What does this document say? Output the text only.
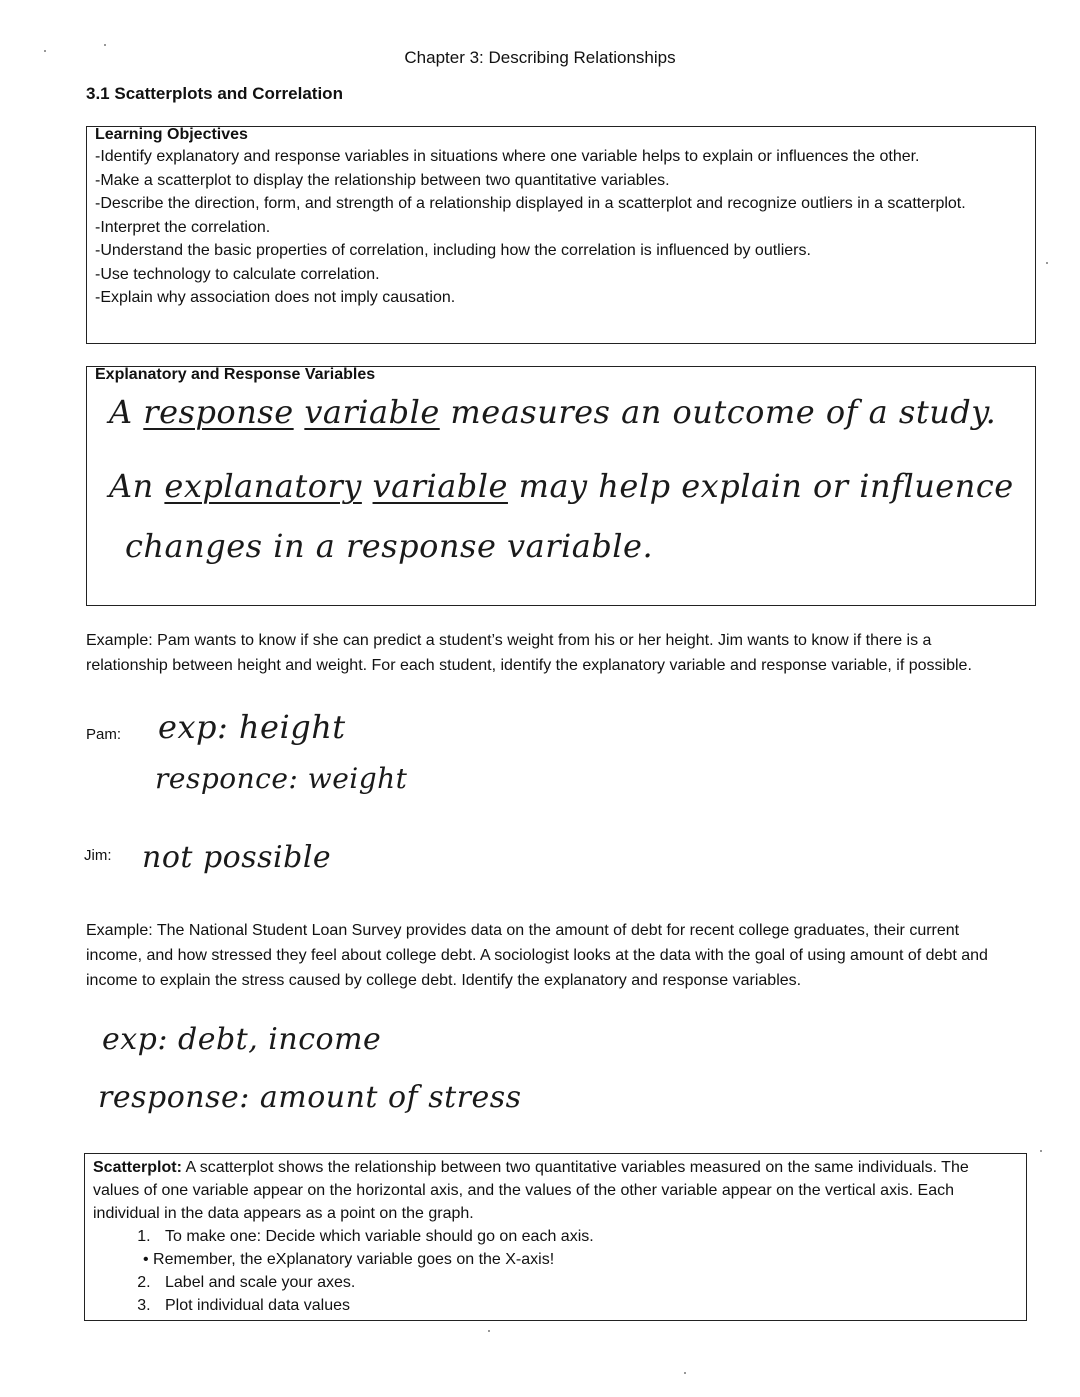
Chapter 3: Describing Relationships
3.1 Scatterplots and Correlation
Learning Objectives
-Identify explanatory and response variables in situations where one variable helps to explain or influences the other.
-Make a scatterplot to display the relationship between two quantitative variables.
-Describe the direction, form, and strength of a relationship displayed in a scatterplot and recognize outliers in a scatterplot.
-Interpret the correlation.
-Understand the basic properties of correlation, including how the correlation is influenced by outliers.
-Use technology to calculate correlation.
-Explain why association does not imply causation.
Explanatory and Response Variables
A response variable measures an outcome of a study.
An explanatory variable may help explain or influence
changes in a response variable.
Example: Pam wants to know if she can predict a student’s weight from his or her height. Jim wants to know if there is a relationship between height and weight. For each student, identify the explanatory variable and response variable, if possible.
Pam: exp: height
responce: weight
Jim: not possible
Example: The National Student Loan Survey provides data on the amount of debt for recent college graduates, their current income, and how stressed they feel about college debt. A sociologist looks at the data with the goal of using amount of debt and income to explain the stress caused by college debt. Identify the explanatory and response variables.
exp: debt, income
response: amount of stress
Scatterplot: A scatterplot shows the relationship between two quantitative variables measured on the same individuals. The values of one variable appear on the horizontal axis, and the values of the other variable appear on the vertical axis. Each individual in the data appears as a point on the graph.
1. To make one: Decide which variable should go on each axis.
• Remember, the eXplanatory variable goes on the X-axis!
2. Label and scale your axes.
3. Plot individual data values
